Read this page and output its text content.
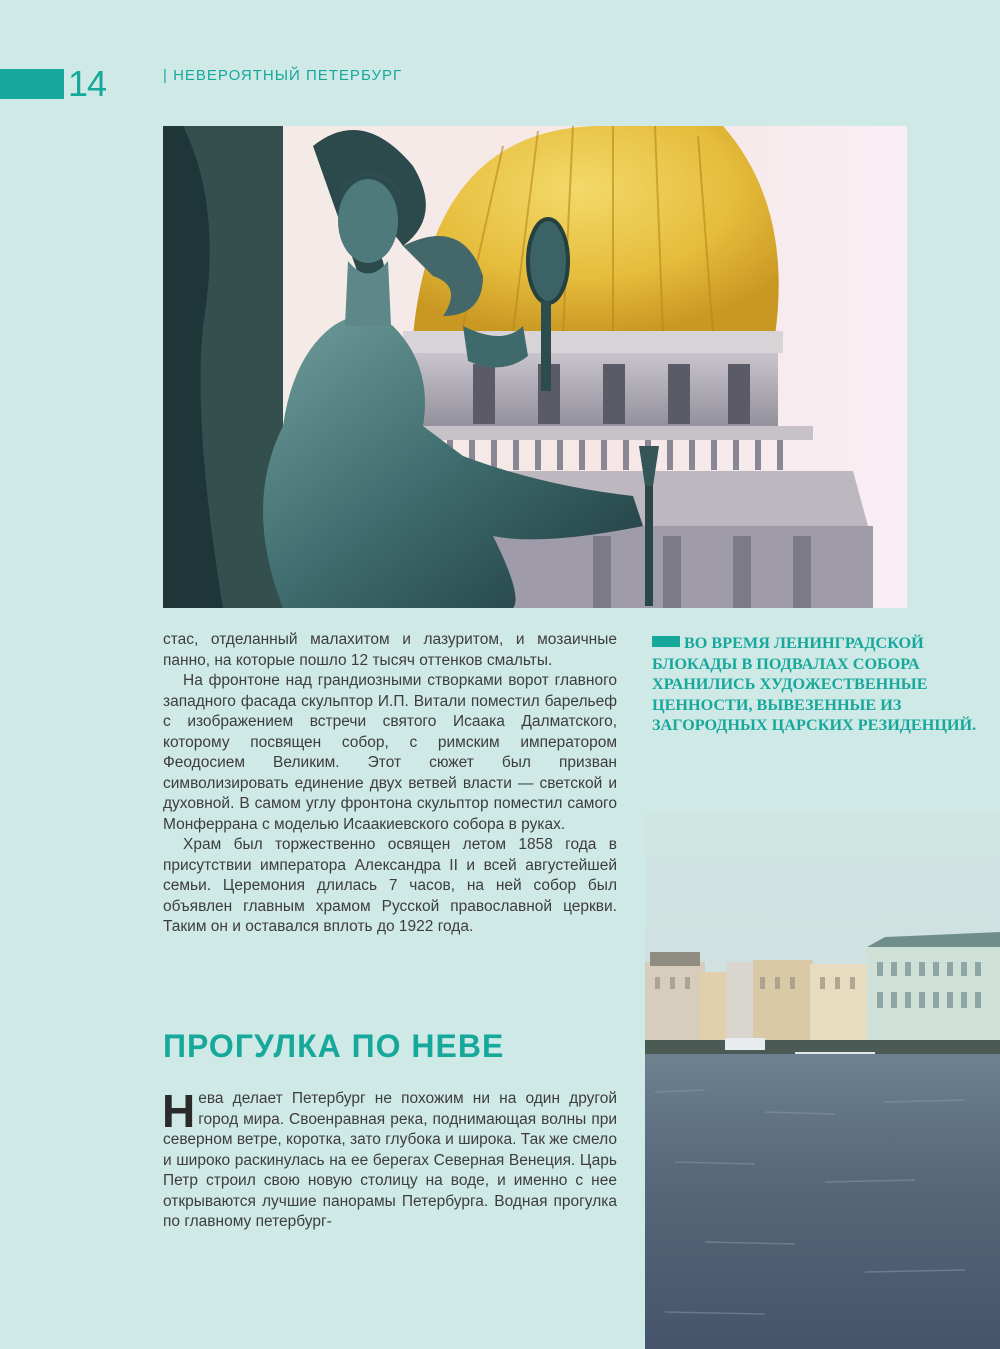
14	| НЕВЕРОЯТНЫЙ ПЕТЕРБУРГ

стас, отделанный малахитом и лазуритом, и мозаичные панно, на которые пошло 12 тысяч оттенков смальты.

На фронтоне над грандиозными створками ворот главного западного фасада скульптор И.П. Витали поместил барельеф с изображением встречи святого Исаака Далматского, которому посвящен собор, с римским императором Феодосием Великим. Этот сюжет был призван символизировать единение двух ветвей власти — светской и духовной. В самом углу фронтона скульптор поместил самого Монферрана с моделью Исаакиевского собора в руках.

Храм был торжественно освящен летом 1858 года в присутствии императора Александра II и всей августейшей семьи. Церемония длилась 7 часов, на ней собор был объявлен главным храмом Русской православной церкви. Таким он и оставался вплоть до 1922 года.

ВО ВРЕМЯ ЛЕНИНГРАДСКОЙ БЛОКАДЫ В ПОДВАЛАХ СОБОРА ХРАНИЛИСЬ ХУДОЖЕСТВЕННЫЕ ЦЕННОСТИ, ВЫВЕЗЕННЫЕ ИЗ ЗАГОРОДНЫХ ЦАРСКИХ РЕЗИДЕНЦИЙ.
ПРОГУЛКА ПО НЕВЕ

Нева делает Петербург не похожим ни на один другой город мира. Своенравная река, поднимающая волны при северном ветре, коротка, зато глубока и широка. Так же смело и широко раскинулась на ее берегах Северная Венеция. Царь Петр строил свою новую столицу на воде, и именно с нее открываются лучшие панорамы Петербурга. Водная прогулка по главному петербург-
